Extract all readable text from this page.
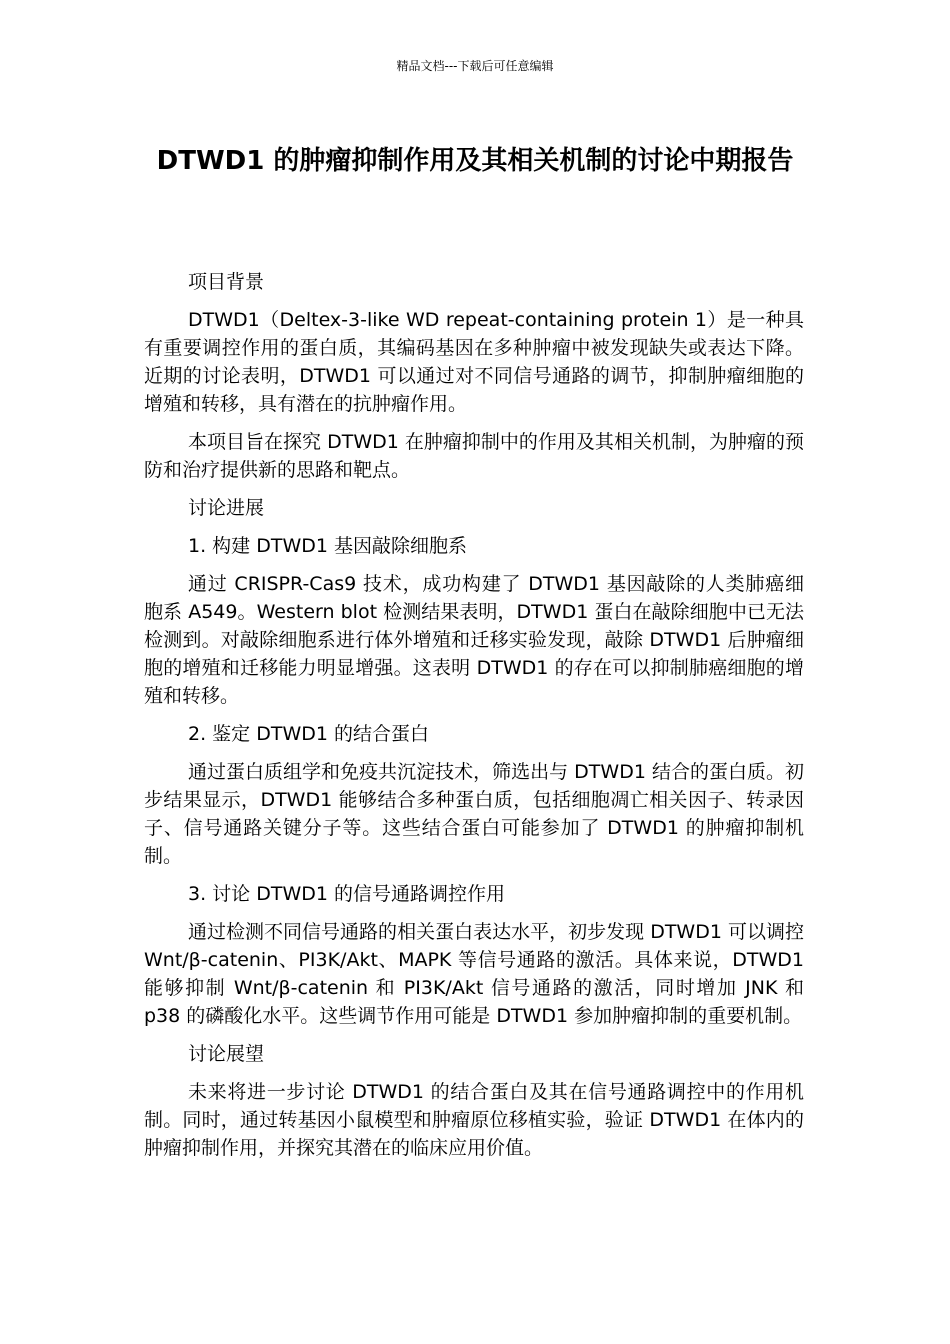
精品文档---下载后可任意编辑
DTWD1 的肿瘤抑制作用及其相关机制的讨论中期报告

项目背景

DTWD1（Deltex-3-like WD repeat-containing protein 1）是一种具有重要调控作用的蛋白质，其编码基因在多种肿瘤中被发现缺失或表达下降。近期的讨论表明，DTWD1 可以通过对不同信号通路的调节，抑制肿瘤细胞的增殖和转移，具有潜在的抗肿瘤作用。

本项目旨在探究 DTWD1 在肿瘤抑制中的作用及其相关机制，为肿瘤的预防和治疗提供新的思路和靶点。

讨论进展

1. 构建 DTWD1 基因敲除细胞系

通过 CRISPR-Cas9 技术，成功构建了 DTWD1 基因敲除的人类肺癌细胞系 A549。Western blot 检测结果表明，DTWD1 蛋白在敲除细胞中已无法检测到。对敲除细胞系进行体外增殖和迁移实验发现，敲除 DTWD1 后肿瘤细胞的增殖和迁移能力明显增强。这表明 DTWD1 的存在可以抑制肺癌细胞的增殖和转移。

2. 鉴定 DTWD1 的结合蛋白

通过蛋白质组学和免疫共沉淀技术，筛选出与 DTWD1 结合的蛋白质。初步结果显示，DTWD1 能够结合多种蛋白质，包括细胞凋亡相关因子、转录因子、信号通路关键分子等。这些结合蛋白可能参加了 DTWD1 的肿瘤抑制机制。

3. 讨论 DTWD1 的信号通路调控作用

通过检测不同信号通路的相关蛋白表达水平，初步发现 DTWD1 可以调控 Wnt/β-catenin、PI3K/Akt、MAPK 等信号通路的激活。具体来说，DTWD1 能够抑制 Wnt/β-catenin 和 PI3K/Akt 信号通路的激活，同时增加 JNK 和 p38 的磷酸化水平。这些调节作用可能是 DTWD1 参加肿瘤抑制的重要机制。

讨论展望

未来将进一步讨论 DTWD1 的结合蛋白及其在信号通路调控中的作用机制。同时，通过转基因小鼠模型和肿瘤原位移植实验，验证 DTWD1 在体内的肿瘤抑制作用，并探究其潜在的临床应用价值。
